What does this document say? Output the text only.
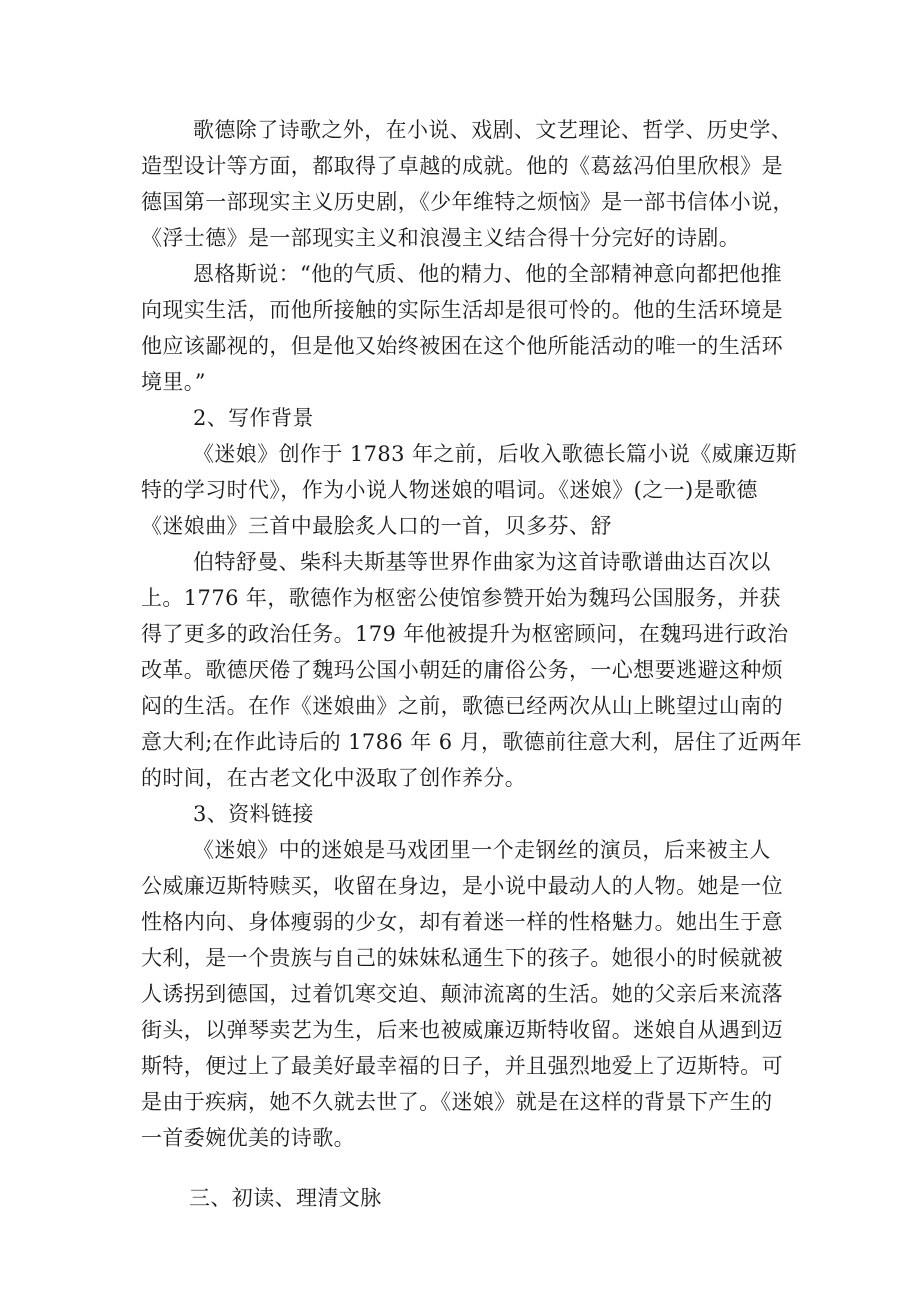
歌德除了诗歌之外，在小说、戏剧、文艺理论、哲学、历史学、
造型设计等方面，都取得了卓越的成就。他的《葛兹冯伯里欣根》是
德国第一部现实主义历史剧，《少年维特之烦恼》是一部书信体小说，
《浮士德》是一部现实主义和浪漫主义结合得十分完好的诗剧。
恩格斯说：“他的气质、他的精力、他的全部精神意向都把他推
向现实生活，而他所接触的实际生活却是很可怜的。他的生活环境是
他应该鄙视的，但是他又始终被困在这个他所能活动的唯一的生活环
境里。”
2、写作背景
《迷娘》创作于 1783 年之前，后收入歌德长篇小说《威廉迈斯
特的学习时代》，作为小说人物迷娘的唱词。《迷娘》(之一)是歌德
《迷娘曲》三首中最脍炙人口的一首，贝多芬、舒
伯特舒曼、柴科夫斯基等世界作曲家为这首诗歌谱曲达百次以
上。1776 年，歌德作为枢密公使馆参赞开始为魏玛公国服务，并获
得了更多的政治任务。179 年他被提升为枢密顾问，在魏玛进行政治
改革。歌德厌倦了魏玛公国小朝廷的庸俗公务，一心想要逃避这种烦
闷的生活。在作《迷娘曲》之前，歌德已经两次从山上眺望过山南的
意大利;在作此诗后的 1786 年 6 月，歌德前往意大利，居住了近两年
的时间，在古老文化中汲取了创作养分。
3、资料链接
《迷娘》中的迷娘是马戏团里一个走钢丝的演员，后来被主人
公威廉迈斯特赎买，收留在身边，是小说中最动人的人物。她是一位
性格内向、身体瘦弱的少女，却有着迷一样的性格魅力。她出生于意
大利，是一个贵族与自己的妹妹私通生下的孩子。她很小的时候就被
人诱拐到德国，过着饥寒交迫、颠沛流离的生活。她的父亲后来流落
街头，以弹琴卖艺为生，后来也被威廉迈斯特收留。迷娘自从遇到迈
斯特，便过上了最美好最幸福的日子，并且强烈地爱上了迈斯特。可
是由于疾病，她不久就去世了。《迷娘》就是在这样的背景下产生的
一首委婉优美的诗歌。
三、初读、理清文脉
